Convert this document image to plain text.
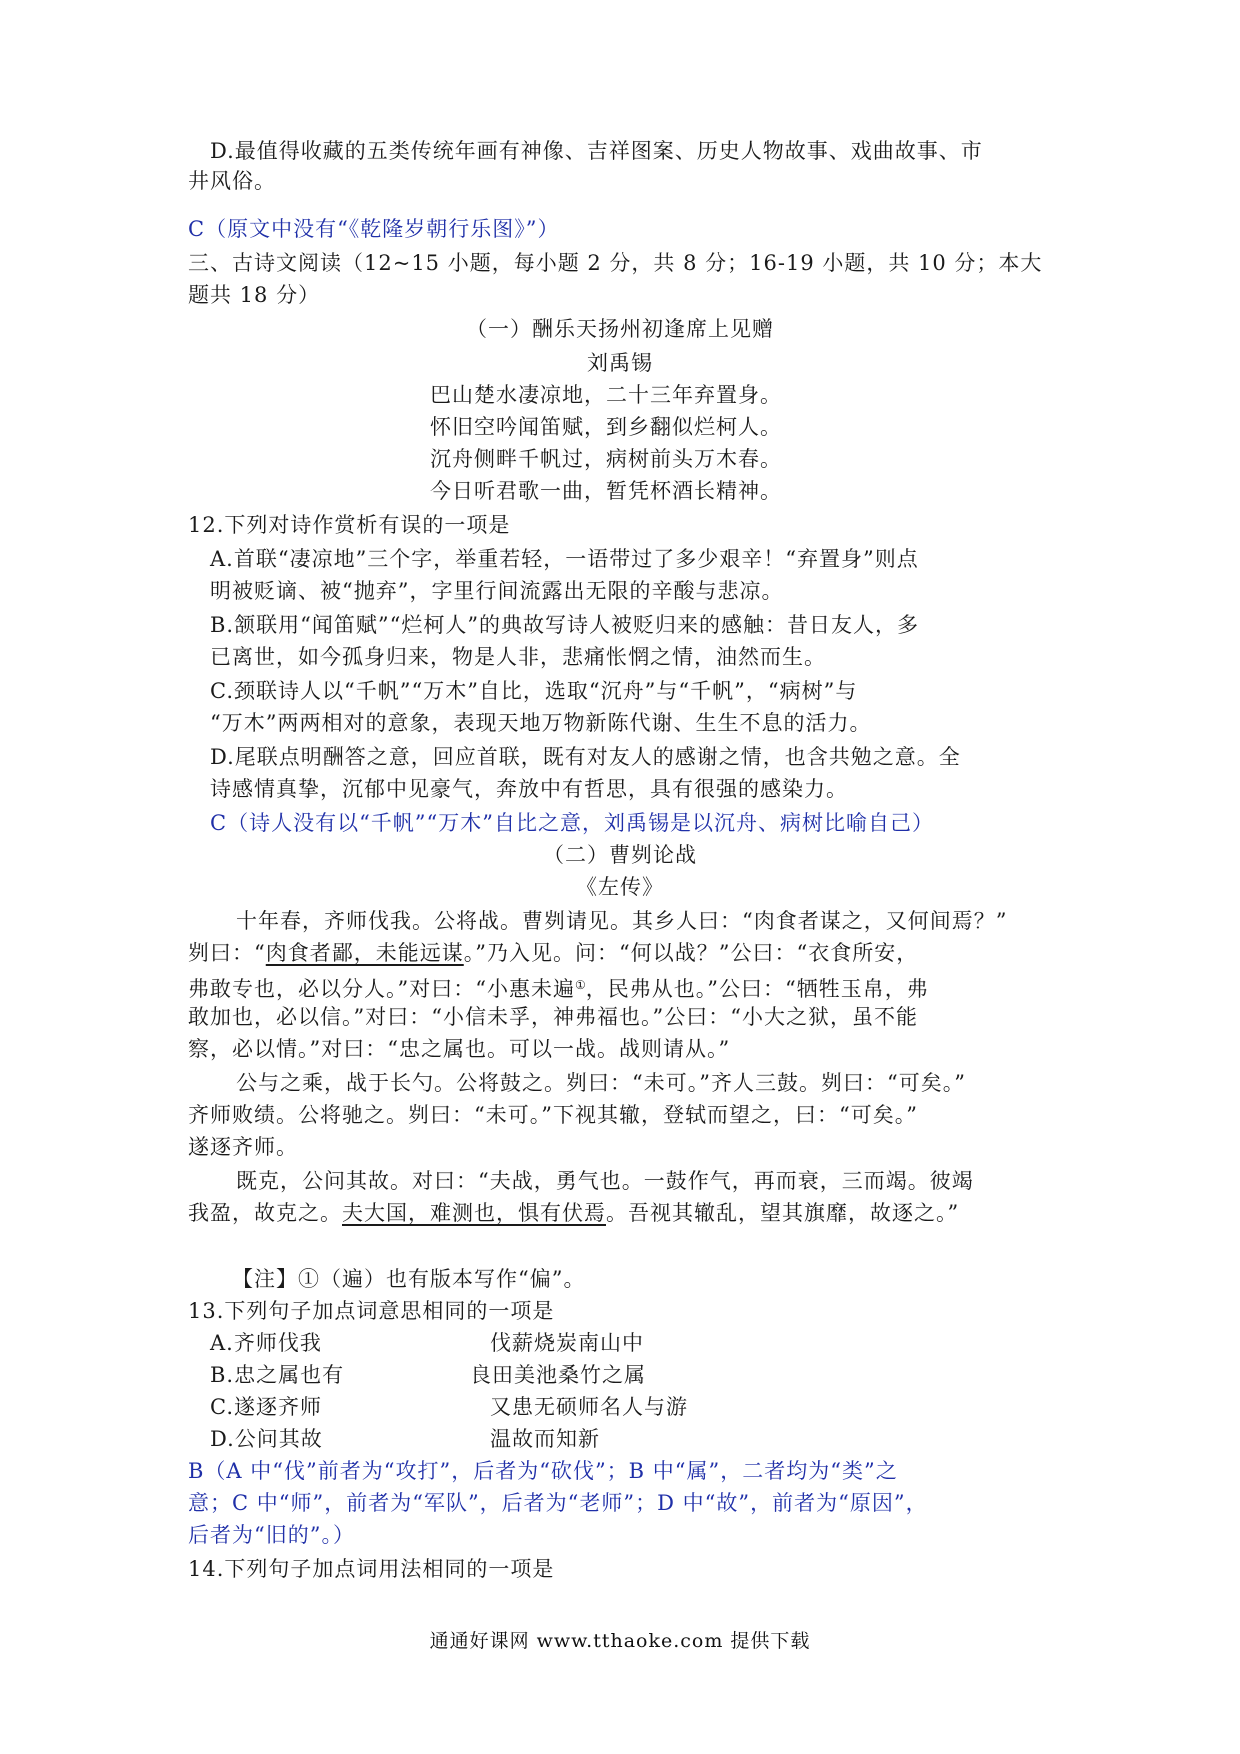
D.最值得收藏的五类传统年画有神像、吉祥图案、历史人物故事、戏曲故事、市
井风俗。
C（原文中没有“《乾隆岁朝行乐图》”）
三、古诗文阅读（12~15 小题，每小题 2 分，共 8 分；16-19 小题，共 10 分；本大
题共 18 分）
（一）酬乐天扬州初逢席上见赠
刘禹锡
巴山楚水凄凉地，二十三年弃置身。
怀旧空吟闻笛赋，到乡翻似烂柯人。
沉舟侧畔千帆过，病树前头万木春。
今日听君歌一曲，暂凭杯酒长精神。
12.下列对诗作赏析有误的一项是
A.首联“凄凉地”三个字，举重若轻，一语带过了多少艰辛！“弃置身”则点
明被贬谪、被“抛弃”，字里行间流露出无限的辛酸与悲凉。
B.颔联用“闻笛赋”“烂柯人”的典故写诗人被贬归来的感触：昔日友人，多
已离世，如今孤身归来，物是人非，悲痛怅惘之情，油然而生。
C.颈联诗人以“千帆”“万木”自比，选取“沉舟”与“千帆”，“病树”与
“万木”两两相对的意象，表现天地万物新陈代谢、生生不息的活力。
D.尾联点明酬答之意，回应首联，既有对友人的感谢之情，也含共勉之意。全
诗感情真挚，沉郁中见豪气，奔放中有哲思，具有很强的感染力。
C（诗人没有以“千帆”“万木”自比之意，刘禹锡是以沉舟、病树比喻自己）
（二）曹刿论战
《左传》
十年春，齐师伐我。公将战。曹刿请见。其乡人曰：“肉食者谋之，又何间焉？”
刿曰：“肉食者鄙，未能远谋。”乃入见。问：“何以战？”公曰：“衣食所安，
弗敢专也，必以分人。”对曰：“小惠未遍①，民弗从也。”公曰：“牺牲玉帛，弗
敢加也，必以信。”对曰：“小信未孚，神弗福也。”公曰：“小大之狱，虽不能
察，必以情。”对曰：“忠之属也。可以一战。战则请从。”
公与之乘，战于长勺。公将鼓之。刿曰：“未可。”齐人三鼓。刿曰：“可矣。”
齐师败绩。公将驰之。刿曰：“未可。”下视其辙，登轼而望之，曰：“可矣。”
遂逐齐师。
既克，公问其故。对曰：“夫战，勇气也。一鼓作气，再而衰，三而竭。彼竭
我盈，故克之。夫大国，难测也，惧有伏焉。吾视其辙乱，望其旗靡，故逐之。”
【注】①（遍）也有版本写作“偏”。
13.下列句子加点词意思相同的一项是
A.齐师伐我	伐薪烧炭南山中
B.忠之属也有	良田美池桑竹之属
C.遂逐齐师	又患无硕师名人与游
D.公问其故	温故而知新
B（A 中“伐”前者为“攻打”，后者为“砍伐”；B 中“属”，二者均为“类”之
意；C 中“师”，前者为“军队”，后者为“老师”；D 中“故”，前者为“原因”，
后者为“旧的”。）
14.下列句子加点词用法相同的一项是
通通好课网 www.tthaoke.com 提供下载
